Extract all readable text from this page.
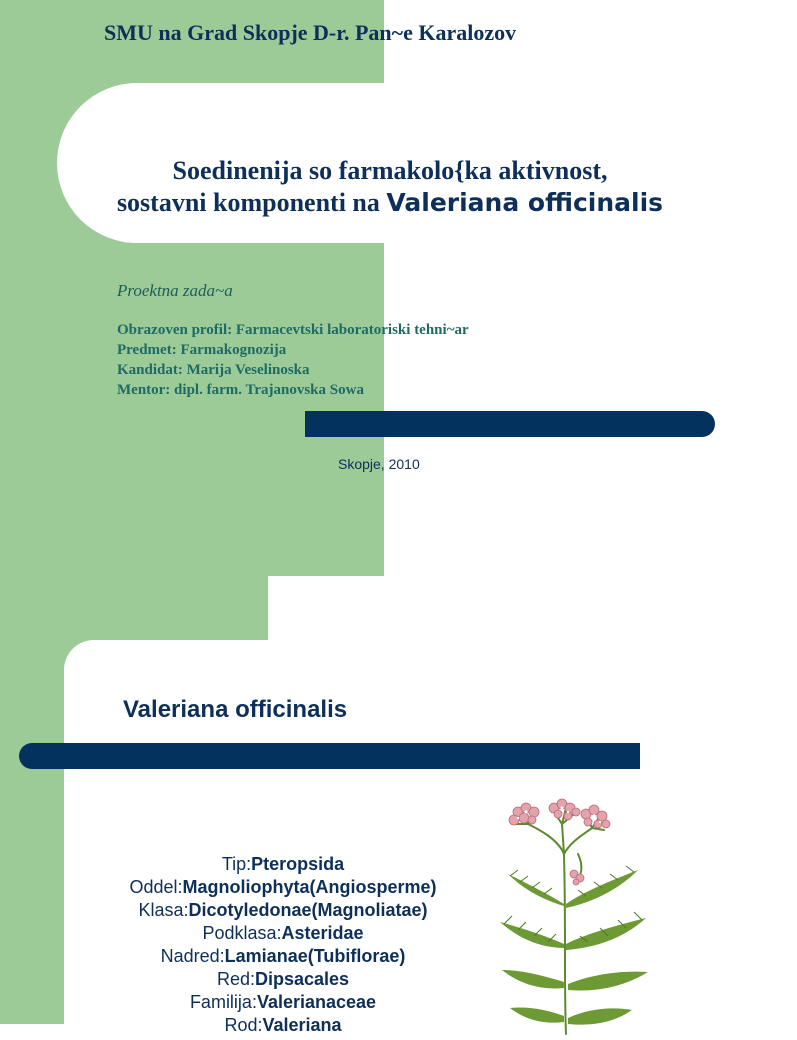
SMU na Grad Skopje D-r. Pan~e Karalozov
Soedinenija so farmakolo{ka aktivnost,
sostavni komponenti na Valeriana officinalis

Proektna zada~a

Obrazoven profil: Farmacevtski laboratoriski tehni~ar
Predmet: Farmakognozija
Kandidat: Marija Veselinoska
Mentor: dipl. farm. Trajanovska Sowa

Skopje, 2010

Valeriana officinalis
Tip:Pteropsida
Oddel:Magnoliophyta(Angiosperme)
Klasa:Dicotyledonae(Magnoliatae)
Podklasa:Asteridae
Nadred:Lamianae(Tubiflorae)
Red:Dipsacales
Familija:Valerianaceae
Rod:Valeriana
